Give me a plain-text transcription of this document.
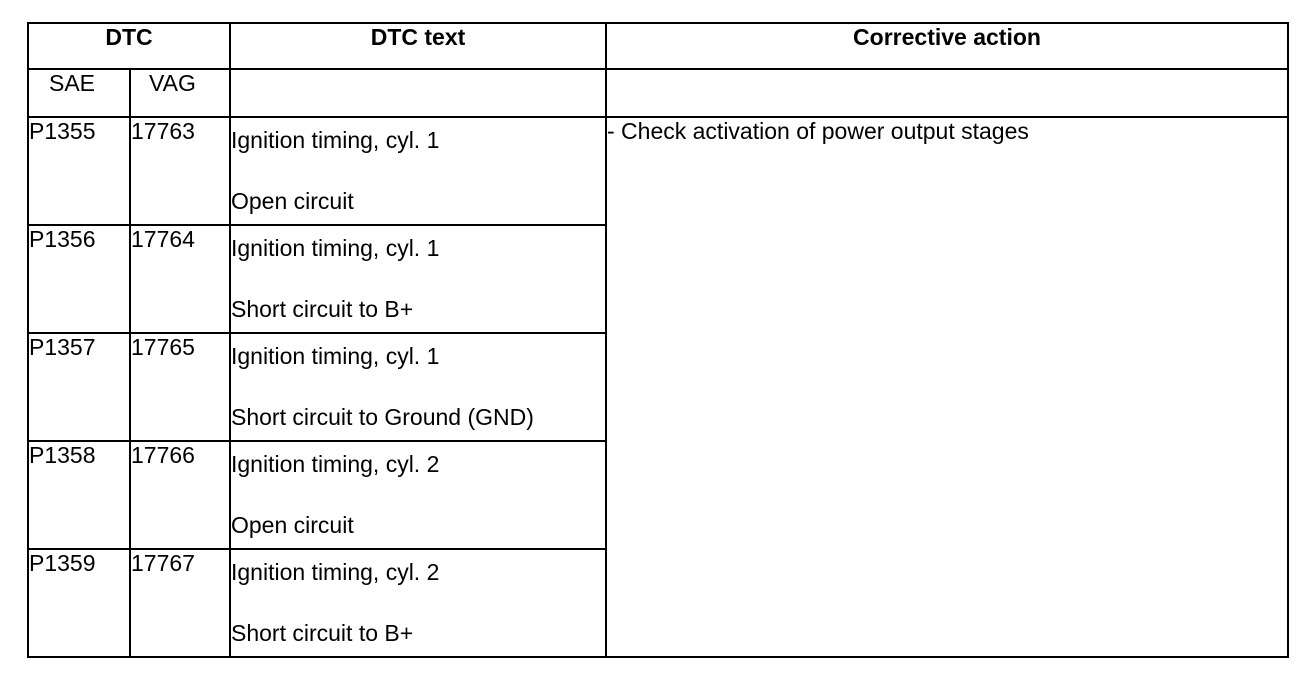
DTC		DTC text	Corrective action
SAE	VAG		
P1355	17763	Ignition timing, cyl. 1
Open circuit	- Check activation of power output stages
P1356	17764	Ignition timing, cyl. 1
Short circuit to B+	

P1357	17765	Ignition timing, cyl. 1
Short circuit to Ground (GND)	

P1358	17766	Ignition timing, cyl. 2
Open circuit	

P1359	17767	Ignition timing, cyl. 2
Short circuit to B+	
